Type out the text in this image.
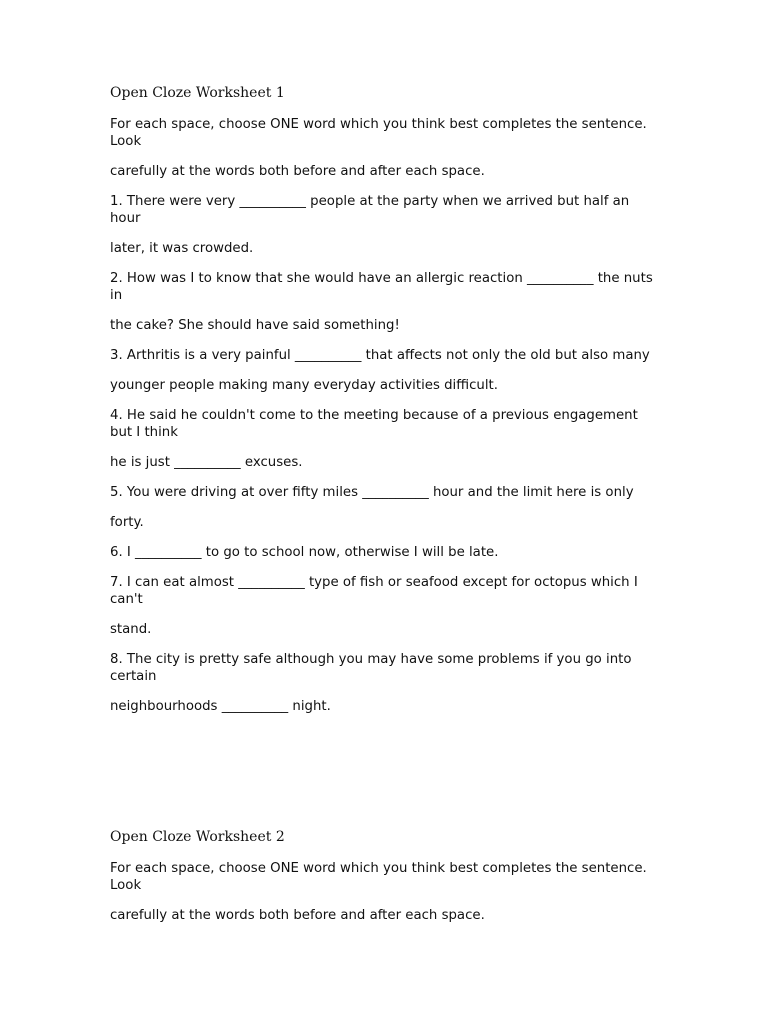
Open Cloze Worksheet 1

For each space, choose ONE word which you think best completes the sentence. Look

carefully at the words both before and after each space.

1. There were very __________ people at the party when we arrived but half an hour

later, it was crowded.

2. How was I to know that she would have an allergic reaction __________ the nuts in

the cake? She should have said something!

3. Arthritis is a very painful __________ that affects not only the old but also many

younger people making many everyday activities difficult.

4. He said he couldn't come to the meeting because of a previous engagement but I think

he is just __________ excuses.

5. You were driving at over fifty miles __________ hour and the limit here is only

forty.

6. I __________ to go to school now, otherwise I will be late.

7. I can eat almost __________ type of fish or seafood except for octopus which I can't

stand.

8. The city is pretty safe although you may have some problems if you go into certain

neighbourhoods __________ night.

Open Cloze Worksheet 2

For each space, choose ONE word which you think best completes the sentence. Look

carefully at the words both before and after each space.
